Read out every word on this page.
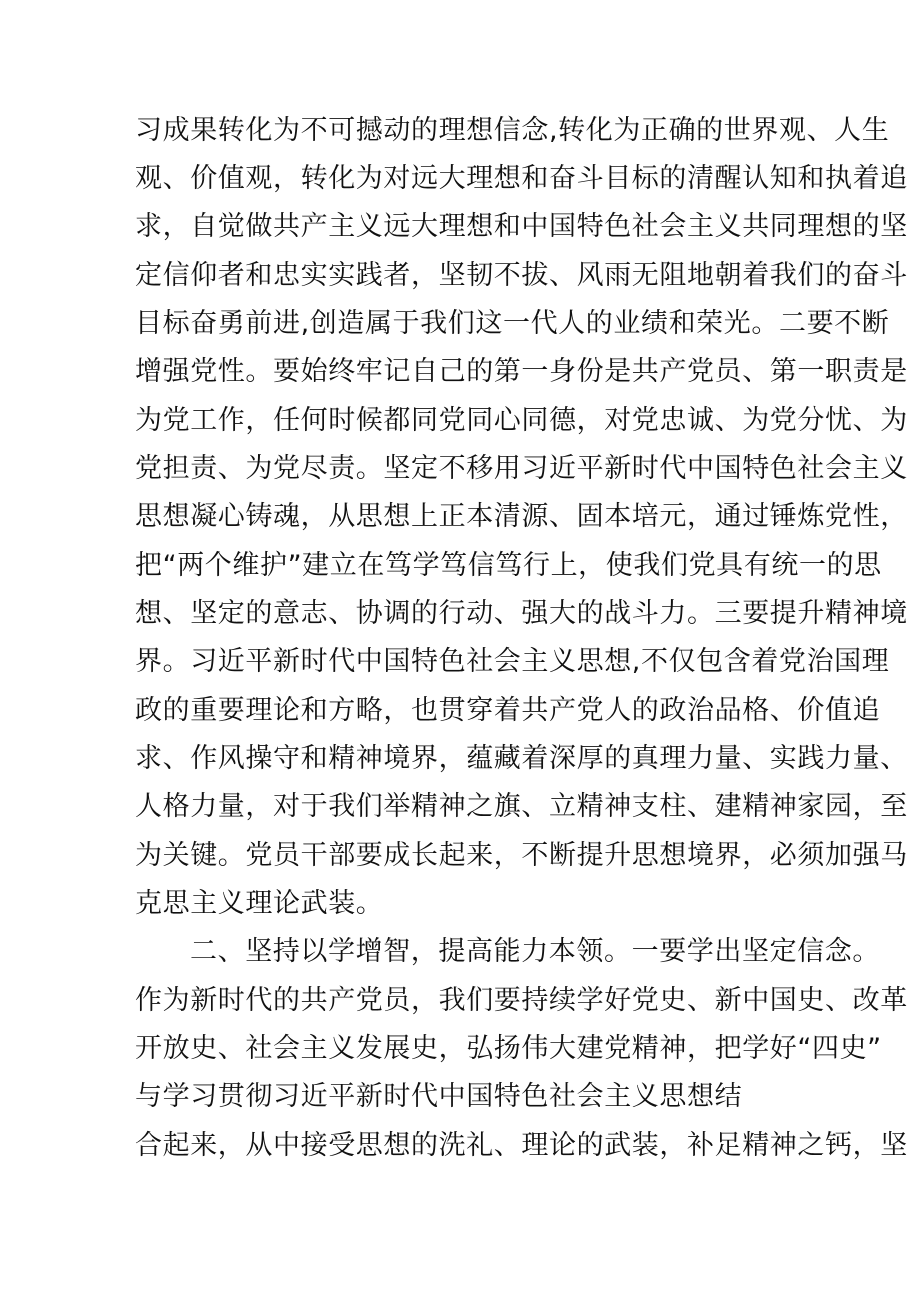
习成果转化为不可撼动的理想信念,转化为正确的世界观、人生
观、价值观，转化为对远大理想和奋斗目标的清醒认知和执着追
求，自觉做共产主义远大理想和中国特色社会主义共同理想的坚
定信仰者和忠实实践者，坚韧不拔、风雨无阻地朝着我们的奋斗
目标奋勇前进,创造属于我们这一代人的业绩和荣光。二要不断
增强党性。要始终牢记自己的第一身份是共产党员、第一职责是
为党工作，任何时候都同党同心同德，对党忠诚、为党分忧、为
党担责、为党尽责。坚定不移用习近平新时代中国特色社会主义
思想凝心铸魂，从思想上正本清源、固本培元，通过锤炼党性，
把“两个维护”建立在笃学笃信笃行上，使我们党具有统一的思
想、坚定的意志、协调的行动、强大的战斗力。三要提升精神境
界。习近平新时代中国特色社会主义思想,不仅包含着党治国理
政的重要理论和方略，也贯穿着共产党人的政治品格、价值追
求、作风操守和精神境界，蕴藏着深厚的真理力量、实践力量、
人格力量，对于我们举精神之旗、立精神支柱、建精神家园，至
为关键。党员干部要成长起来，不断提升思想境界，必须加强马
克思主义理论武装。
二、坚持以学增智，提高能力本领。一要学出坚定信念。
作为新时代的共产党员，我们要持续学好党史、新中国史、改革
开放史、社会主义发展史，弘扬伟大建党精神，把学好“四史”
与学习贯彻习近平新时代中国特色社会主义思想结
合起来，从中接受思想的洗礼、理论的武装，补足精神之钙，坚
